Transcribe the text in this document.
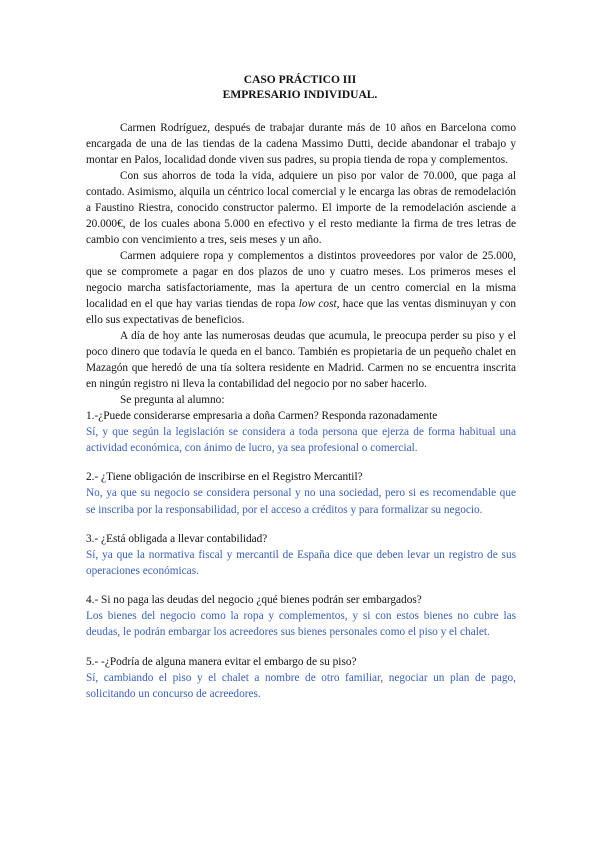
CASO PRÁCTICO III
EMPRESARIO INDIVIDUAL.

Carmen Rodríguez, después de trabajar durante más de 10 años en Barcelona como encargada de una de las tiendas de la cadena Massimo Dutti, decide abandonar el trabajo y montar en Palos, localidad donde viven sus padres, su propia tienda de ropa y complementos.

Con sus ahorros de toda la vida, adquiere un piso por valor de 70.000, que paga al contado. Asimismo, alquila un céntrico local comercial y le encarga las obras de remodelación a Faustino Riestra, conocido constructor palermo. El importe de la remodelación asciende a 20.000€, de los cuales abona 5.000 en efectivo y el resto mediante la firma de tres letras de cambio con vencimiento a tres, seis meses y un año.

Carmen adquiere ropa y complementos a distintos proveedores por valor de 25.000, que se compromete a pagar en dos plazos de uno y cuatro meses. Los primeros meses el negocio marcha satisfactoriamente, mas la apertura de un centro comercial en la misma localidad en el que hay varias tiendas de ropa low cost, hace que las ventas disminuyan y con ello sus expectativas de beneficios.

A día de hoy ante las numerosas deudas que acumula, le preocupa perder su piso y el poco dinero que todavía le queda en el banco. También es propietaria de un pequeño chalet en Mazagón que heredó de una tía soltera residente en Madrid. Carmen no se encuentra inscrita en ningún registro ni lleva la contabilidad del negocio por no saber hacerlo.

Se pregunta al alumno:

1.-¿Puede considerarse empresaria a doña Carmen? Responda razonadamente

Sí, y que según la legislación se considera a toda persona que ejerza de forma habitual una actividad económica, con ánimo de lucro, ya sea profesional o comercial.

2.- ¿Tiene obligación de inscribirse en el Registro Mercantil?

No, ya que su negocio se considera personal y no una sociedad, pero si es recomendable que se inscriba por la responsabilidad, por el acceso a créditos y para formalizar su negocio.

3.- ¿Está obligada a llevar contabilidad?

Sí, ya que la normativa fiscal y mercantil de España dice que deben levar un registro de sus operaciones económicas.

4.- Si no paga las deudas del negocio ¿qué bienes podrán ser embargados?

Los bienes del negocio como la ropa y complementos, y si con estos bienes no cubre las deudas, le podrán embargar los acreedores sus bienes personales como el piso y el chalet.

5.- -¿Podría de alguna manera evitar el embargo de su piso?

Sí, cambiando el piso y el chalet a nombre de otro familiar, negociar un plan de pago, solicitando un concurso de acreedores.
